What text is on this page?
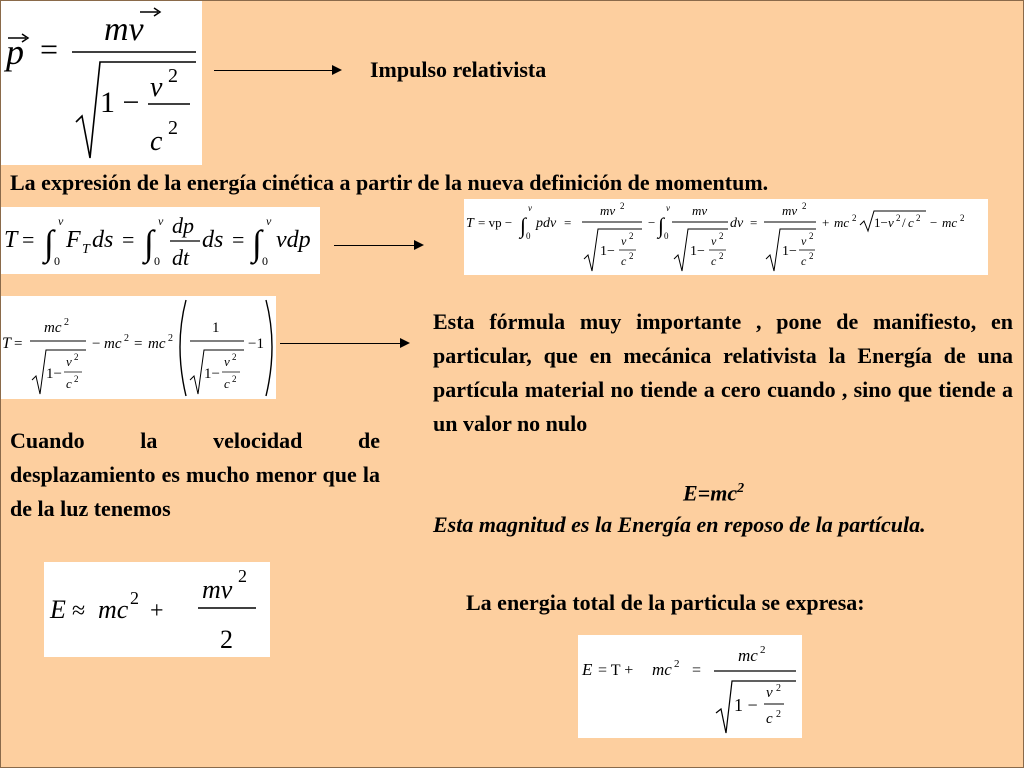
p =
mv
1 − v 2
c 2
Impulso relativista
La expresión de la energía cinética a partir de la nueva definición de momentum.
T = ∫
v
0
F T ds = ∫
v
0
dp
dt
ds = ∫
v
0
vdp
T = vp − ∫
v
0
pdv =
mv 2
1−
v 2
c 2
− ∫
v
0
mv
1−
v 2
c 2
dv =
mv 2
1−
v 2
c 2
+ mc 2 1− v 2 / c 2 − mc 2
T =
mc 2
1−
v 2
c 2
− mc 2 = mc 2
1
1−
v 2
c 2
−1
Esta fórmula muy importante , pone de manifiesto, en particular, que en mecánica relativista la Energía de una partícula material no tiende a cero cuando , sino que tiende a un valor no nulo
$E=mc^2$
Esta magnitud es la Energía en reposo de la partícula.
Cuando la velocidad de desplazamiento es mucho menor que la de la luz tenemos
E ≈ mc 2 +
mv 2
2
La energia total de la particula se expresa:
E = T + mc 2 =
mc 2
1 −
v 2
c 2
